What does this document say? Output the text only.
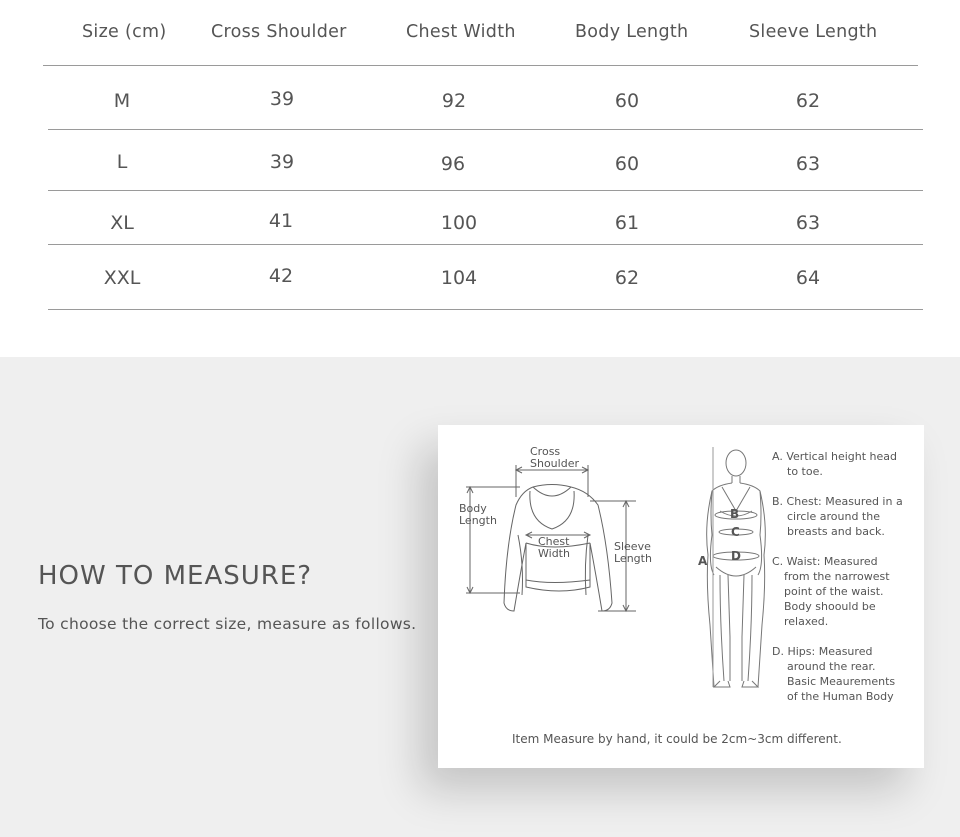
Size (cm)	Cross Shoulder	Chest Width	Body Length	Sleeve Length
M	39	92	60	62
L	39	96	60	63
XL	41	100	61	63
XXL	42	104	62	64
HOW TO MEASURE?
To choose the correct size, measure as follows.
Cross
Shoulder
Body
Length
Chest
Width
Sleeve
Length
B
C
D
A
A. Vertical height head
to toe.
B. Chest: Measured in a
circle around the
breasts and back.
C. Waist: Measured
from the narrowest
point of the waist.
Body shoould be
relaxed.
D. Hips: Measured
around the rear.
Basic Meaurements
of the Human Body
Item Measure by hand, it could be 2cm~3cm different.
